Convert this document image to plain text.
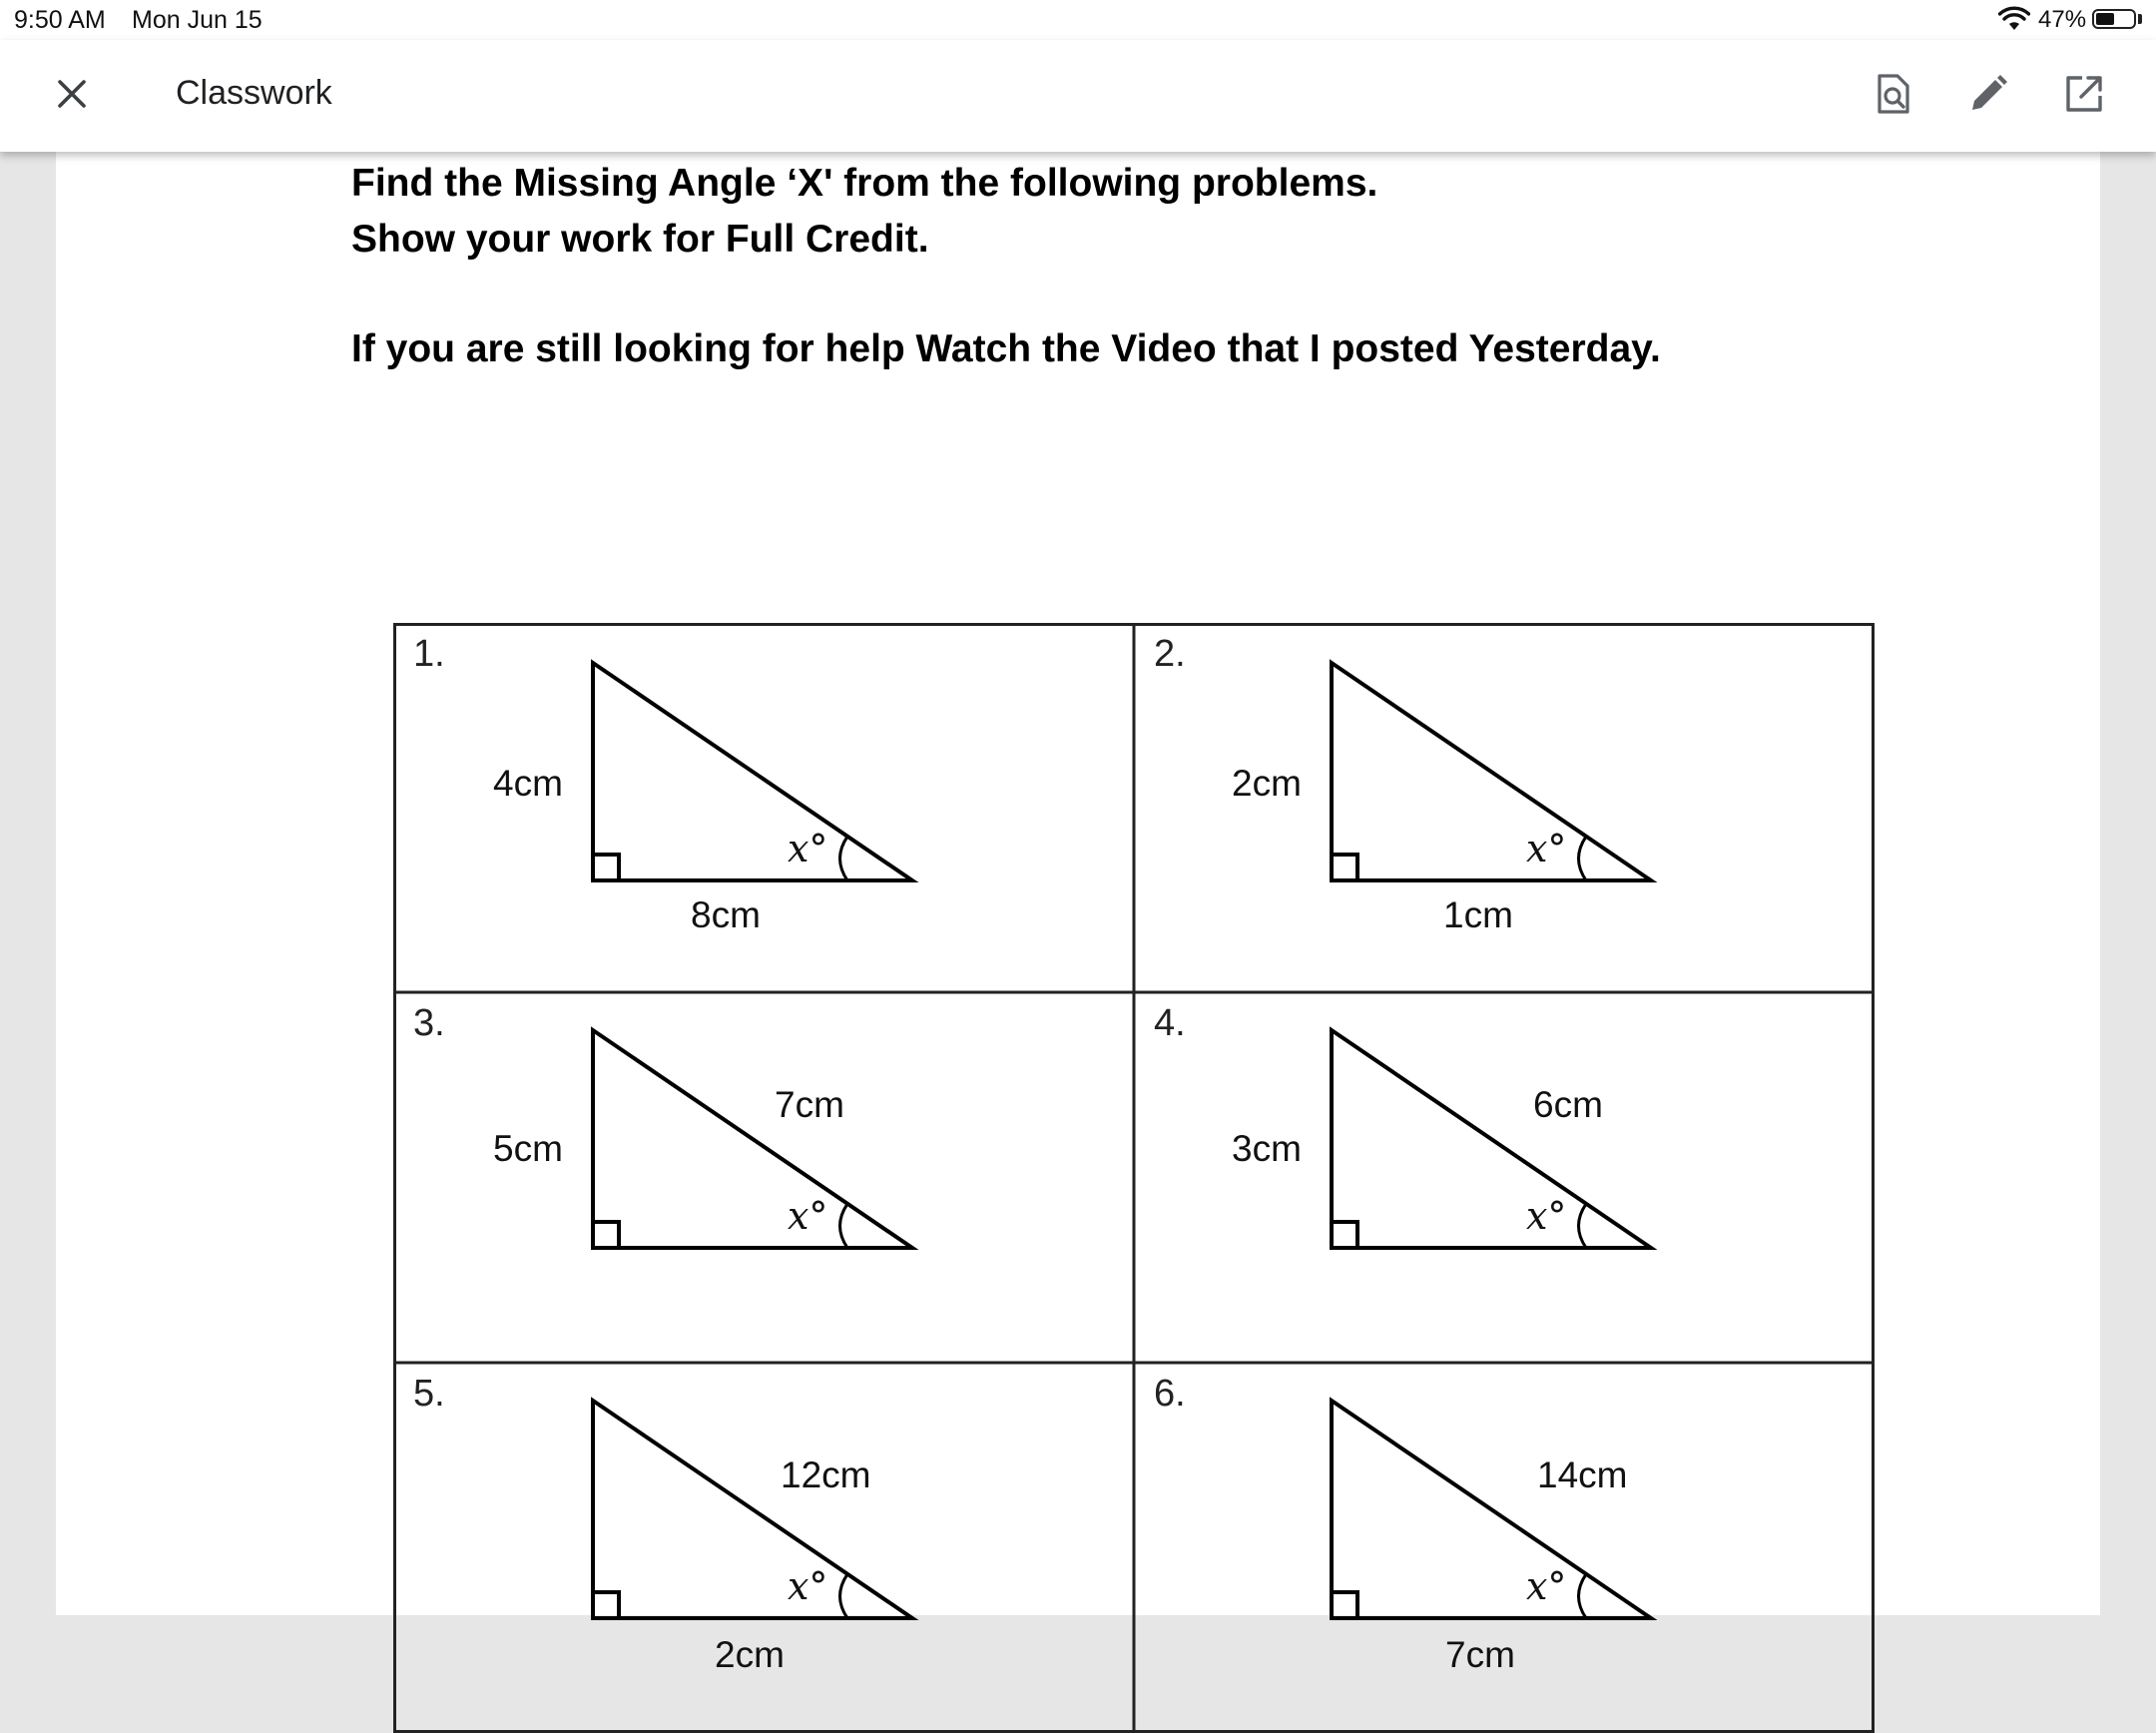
9:50 AM Mon Jun 15	47%
Classwork
Find the Missing Angle ‘X' from the following problems.
Show your work for Full Credit.
If you are still looking for help Watch the Video that I posted Yesterday.
1.
4cm
8cm
x°
2.
2cm
1cm
x°
3.
5cm
7cm
x°
4.
3cm
6cm
x°
5.
12cm
2cm
x°
6.
14cm
7cm
x°
